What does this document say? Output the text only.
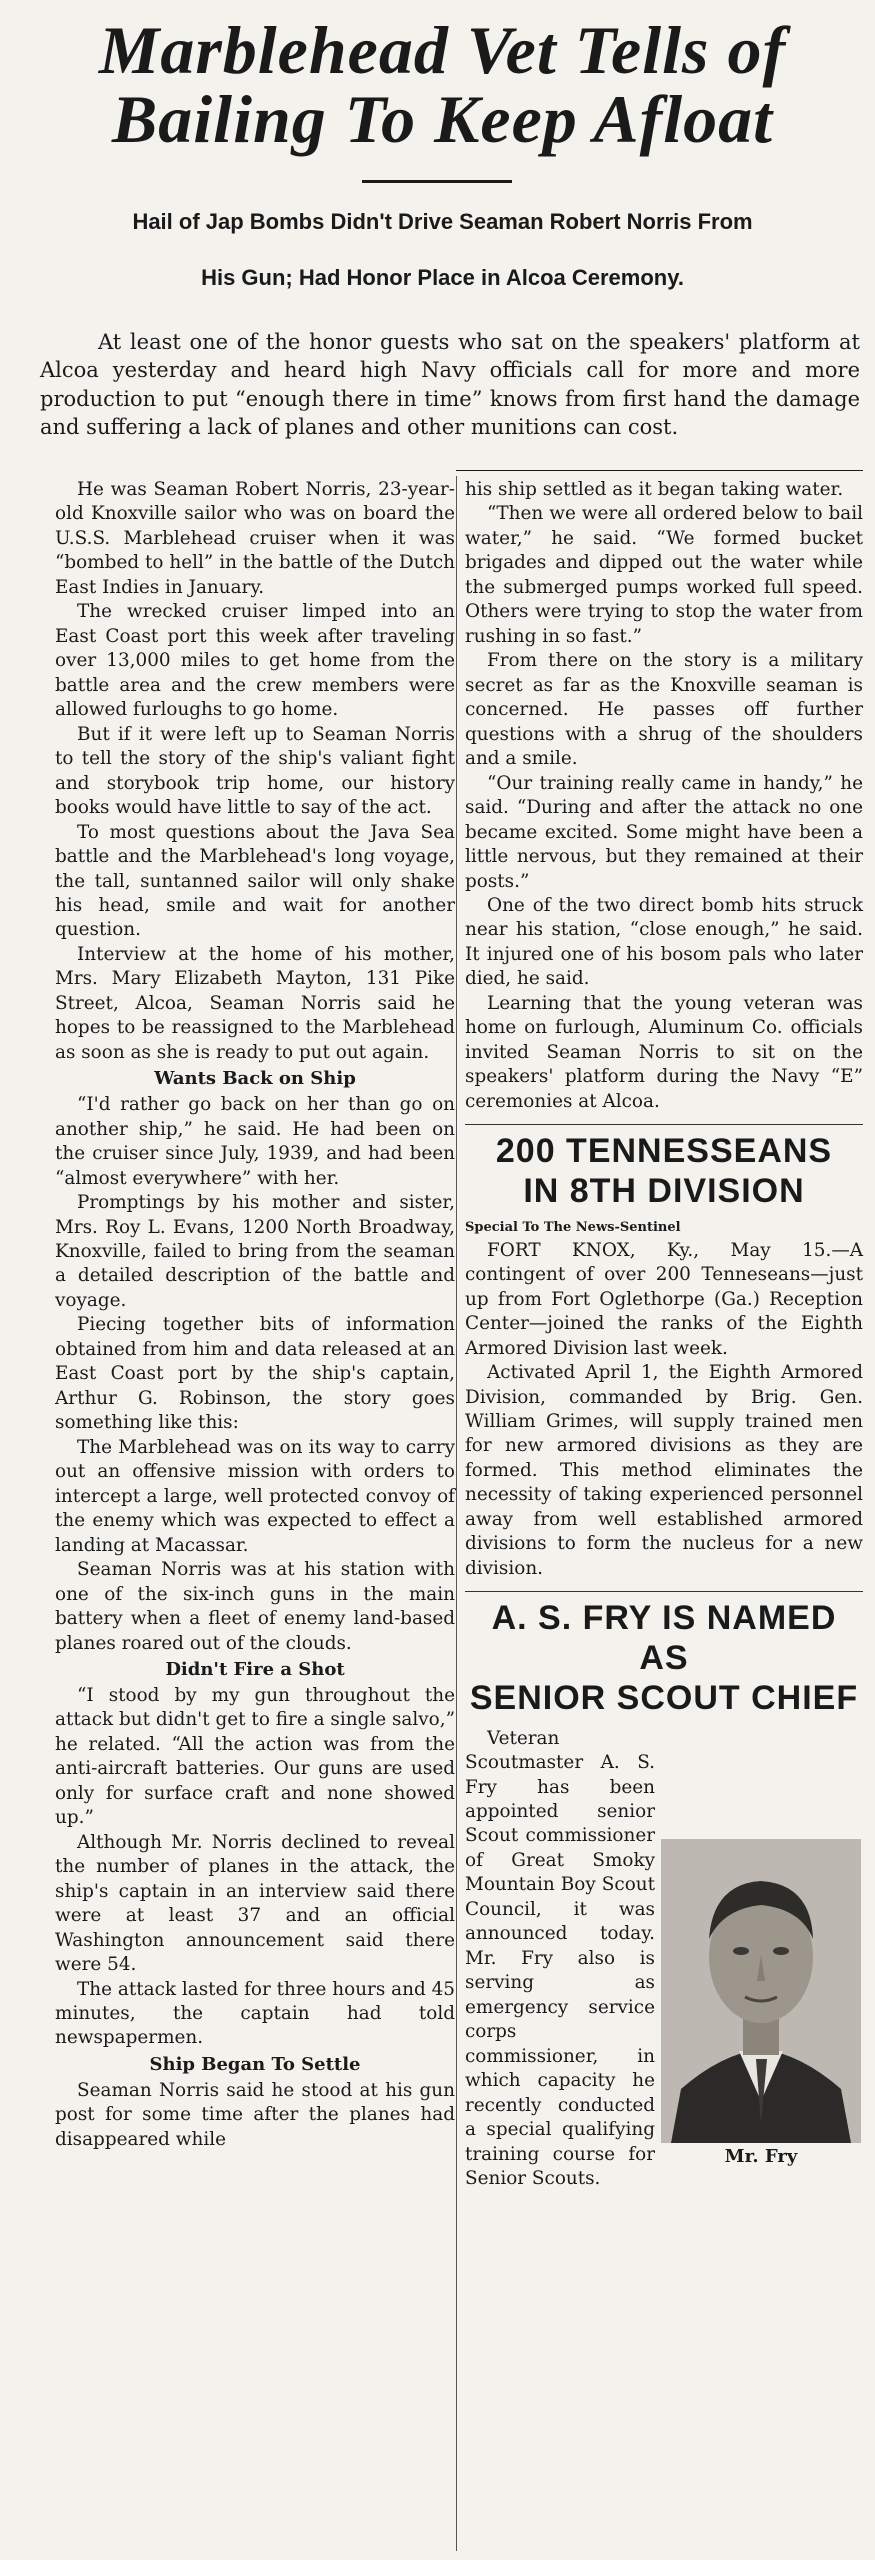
Marblehead Vet Tells of
Bailing To Keep Afloat
Hail of Jap Bombs Didn't Drive Seaman Robert Norris From
His Gun; Had Honor Place in Alcoa Ceremony.

At least one of the honor guests who sat on the speakers' platform at Alcoa yesterday and heard high Navy officials call for more and more production to put “enough there in time” knows from first hand the damage and suffering a lack of planes and other munitions can cost.

He was Seaman Robert Norris, 23-year-old Knoxville sailor who was on board the U.S.S. Marblehead cruiser when it was “bombed to hell” in the battle of the Dutch East Indies in January.

The wrecked cruiser limped into an East Coast port this week after traveling over 13,000 miles to get home from the battle area and the crew members were allowed furloughs to go home.

But if it were left up to Seaman Norris to tell the story of the ship's valiant fight and storybook trip home, our history books would have little to say of the act.

To most questions about the Java Sea battle and the Marblehead's long voyage, the tall, suntanned sailor will only shake his head, smile and wait for another question.

Interview at the home of his mother, Mrs. Mary Elizabeth Mayton, 131 Pike Street, Alcoa, Seaman Norris said he hopes to be reassigned to the Marblehead as soon as she is ready to put out again.

Wants Back on Ship

“I'd rather go back on her than go on another ship,” he said. He had been on the cruiser since July, 1939, and had been “almost everywhere” with her.

Promptings by his mother and sister, Mrs. Roy L. Evans, 1200 North Broadway, Knoxville, failed to bring from the seaman a detailed description of the battle and voyage.

Piecing together bits of information obtained from him and data released at an East Coast port by the ship's captain, Arthur G. Robinson, the story goes something like this:

The Marblehead was on its way to carry out an offensive mission with orders to intercept a large, well protected convoy of the enemy which was expected to effect a landing at Macassar.

Seaman Norris was at his station with one of the six-inch guns in the main battery when a fleet of enemy land-based planes roared out of the clouds.

Didn't Fire a Shot

“I stood by my gun throughout the attack but didn't get to fire a single salvo,” he related. “All the action was from the anti-aircraft batteries. Our guns are used only for surface craft and none showed up.”

Although Mr. Norris declined to reveal the number of planes in the attack, the ship's captain in an interview said there were at least 37 and an official Washington announcement said there were 54.

The attack lasted for three hours and 45 minutes, the captain had told newspapermen.

Ship Began To Settle

Seaman Norris said he stood at his gun post for some time after the planes had disappeared while

his ship settled as it began taking water.

“Then we were all ordered below to bail water,” he said. “We formed bucket brigades and dipped out the water while the submerged pumps worked full speed. Others were trying to stop the water from rushing in so fast.”

From there on the story is a military secret as far as the Knoxville seaman is concerned. He passes off further questions with a shrug of the shoulders and a smile.

“Our training really came in handy,” he said. “During and after the attack no one became excited. Some might have been a little nervous, but they remained at their posts.”

One of the two direct bomb hits struck near his station, “close enough,” he said. It injured one of his bosom pals who later died, he said.

Learning that the young veteran was home on furlough, Aluminum Co. officials invited Seaman Norris to sit on the speakers' platform during the Navy “E” ceremonies at Alcoa.

200 TENNESSEANS
IN 8TH DIVISION
Special To The News-Sentinel

FORT KNOX, Ky., May 15.—A contingent of over 200 Tenneseans—just up from Fort Oglethorpe (Ga.) Reception Center—joined the ranks of the Eighth Armored Division last week.

Activated April 1, the Eighth Armored Division, commanded by Brig. Gen. William Grimes, will supply trained men for new armored divisions as they are formed. This method eliminates the necessity of taking experienced personnel away from well established armored divisions to form the nucleus for a new division.

A. S. FRY IS NAMED AS
SENIOR SCOUT CHIEF

Veteran Scoutmaster A. S. Fry has been appointed senior Scout commissioner of Great Smoky Mountain Boy Scout Council, it was announced today. Mr. Fry also is serving as emergency service corps commissioner, in which capacity he recently conducted a special qualifying training course for Senior Scouts.

Mr. Fry
